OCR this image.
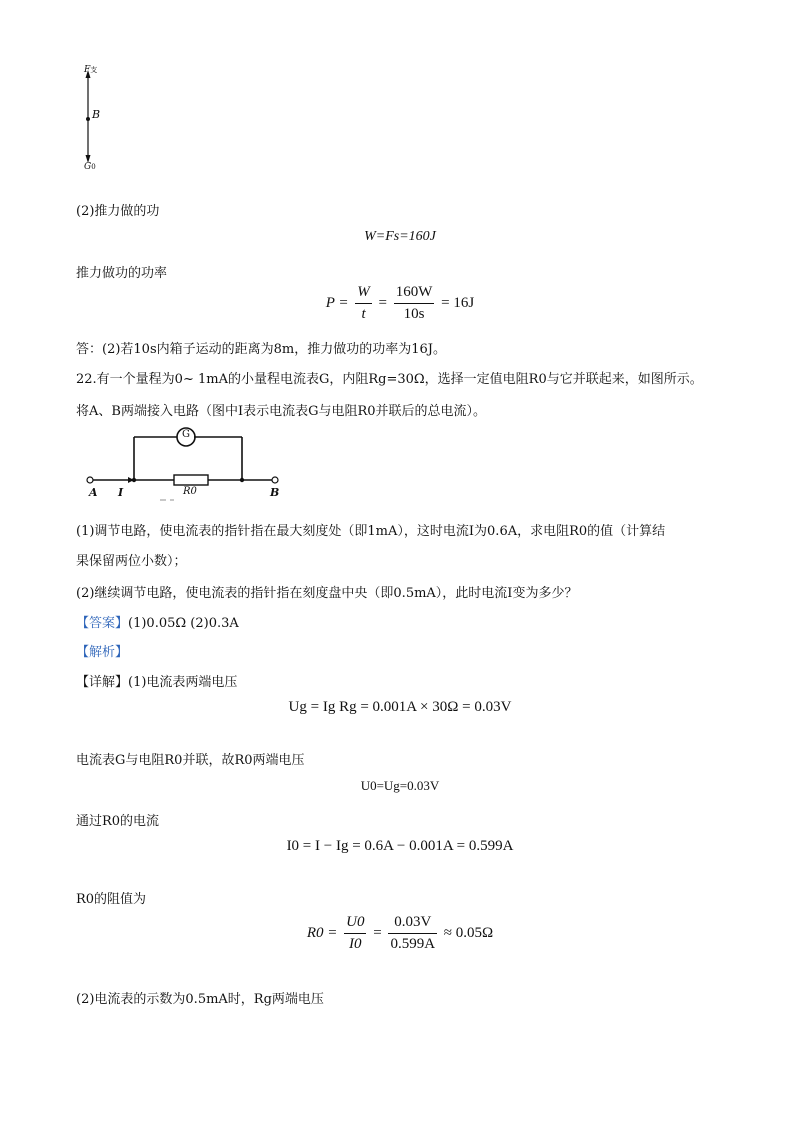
F支
B
G0
(2)推力做的功
W=Fs=160J
推力做功的功率
$P = \frac{W}{t} = \frac{160W}{10s} = 16J$
答：(2)若10s内箱子运动的距离为8m，推力做功的功率为16J。
22.有一个量程为0~ 1mA的小量程电流表G，内阻Rg=30Ω，选择一定值电阻R0与它并联起来，如图所示。
将A、B两端接入电路（图中I表示电流表G与电阻R0并联后的总电流）。
G
R0
A I	B
(1)调节电路，使电流表的指针指在最大刻度处（即1mA），这时电流I为0.6A，求电阻R0的值（计算结
果保留两位小数）；
(2)继续调节电路，使电流表的指针指在刻度盘中央（即0.5mA），此时电流I变为多少？
【答案】(1)0.05Ω (2)0.3A
【解析】
【详解】(1)电流表两端电压
Ug = Ig Rg = 0.001A × 30Ω = 0.03V
电流表G与电阻R0并联，故R0两端电压
U0=Ug=0.03V
通过R0的电流
I0 = I − Ig = 0.6A − 0.001A = 0.599A
R0的阻值为
$R0 = \frac{U0}{I0} = \frac{0.03V}{0.599A} \approx 0.05\Omega$
(2)电流表的示数为0.5mA时，Rg两端电压
